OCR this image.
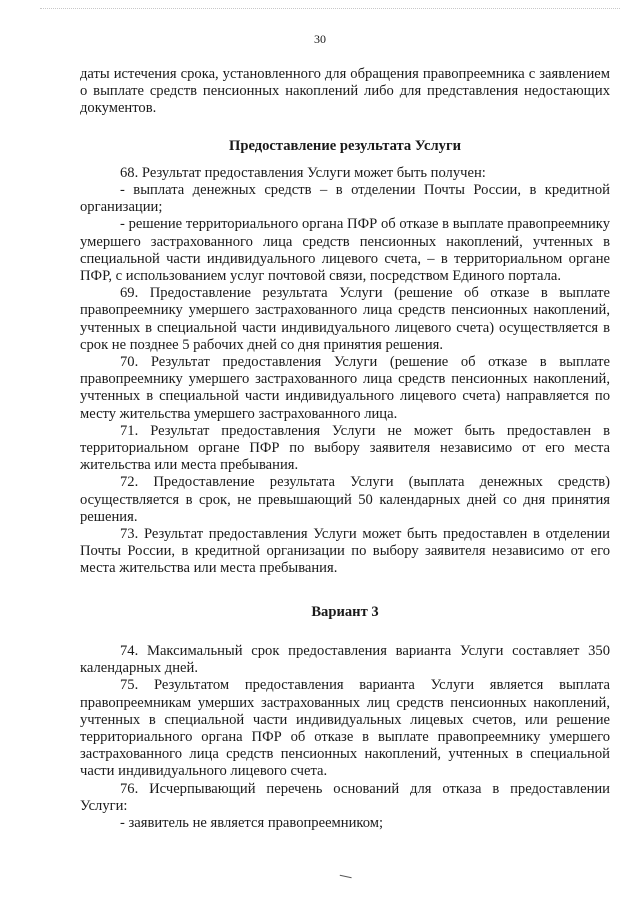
30

даты истечения срока, установленного для обращения правопреемника с заявлением о выплате средств пенсионных накоплений либо для представления недостающих документов.

Предоставление результата Услуги

68. Результат предоставления Услуги может быть получен:

- выплата денежных средств – в отделении Почты России, в кредитной организации;

- решение территориального органа ПФР об отказе в выплате правопреемнику умершего застрахованного лица средств пенсионных накоплений, учтенных в специальной части индивидуального лицевого счета, – в территориальном органе ПФР, с использованием услуг почтовой связи, посредством Единого портала.

69. Предоставление результата Услуги (решение об отказе в выплате правопреемнику умершего застрахованного лица средств пенсионных накоплений, учтенных в специальной части индивидуального лицевого счета) осуществляется в срок не позднее 5 рабочих дней со дня принятия решения.

70. Результат предоставления Услуги (решение об отказе в выплате правопреемнику умершего застрахованного лица средств пенсионных накоплений, учтенных в специальной части индивидуального лицевого счета) направляется по месту жительства умершего застрахованного лица.

71. Результат предоставления Услуги не может быть предоставлен в территориальном органе ПФР по выбору заявителя независимо от его места жительства или места пребывания.

72. Предоставление результата Услуги (выплата денежных средств) осуществляется в срок, не превышающий 50 календарных дней со дня принятия решения.

73. Результат предоставления Услуги может быть предоставлен в отделении Почты России, в кредитной организации по выбору заявителя независимо от его места жительства или места пребывания.

Вариант 3

74. Максимальный срок предоставления варианта Услуги составляет 350 календарных дней.

75. Результатом предоставления варианта Услуги является выплата правопреемникам умерших застрахованных лиц средств пенсионных накоплений, учтенных в специальной части индивидуальных лицевых счетов, или решение территориального органа ПФР об отказе в выплате правопреемнику умершего застрахованного лица средств пенсионных накоплений, учтенных в специальной части индивидуального лицевого счета.

76. Исчерпывающий перечень оснований для отказа в предоставлении Услуги:

- заявитель не является правопреемником;
